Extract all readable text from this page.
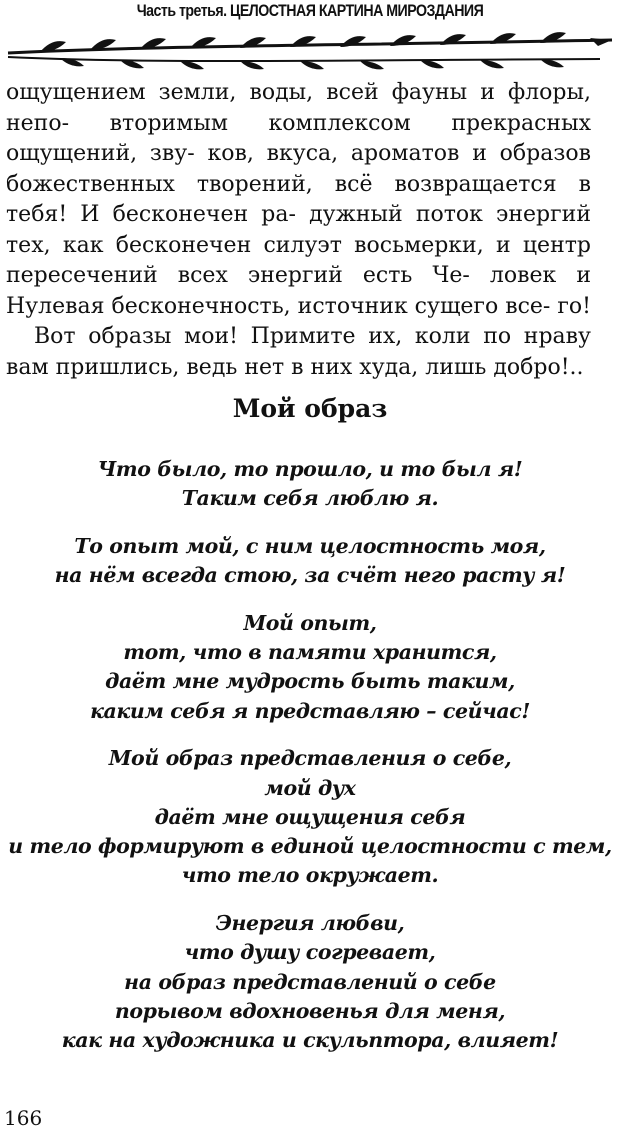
Часть третья. ЦЕЛОСТНАЯ КАРТИНА МИРОЗДАНИЯ

ощущением земли, воды, всей фауны и флоры, непо- вторимым комплексом прекрасных ощущений, зву- ков, вкуса, ароматов и образов божественных творений, всё возвращается в тебя! И бесконечен ра- дужный поток энергий тех, как бесконечен силуэт восьмерки, и центр пересечений всех энергий есть Че- ловек и Нулевая бесконечность, источник сущего все- го!

Вот образы мои! Примите их, коли по нраву вам пришлись, ведь нет в них худа, лишь добро!..

Мой образ
Что было, то прошло, и то был я!
Таким себя люблю я.
То опыт мой, с ним целостность моя,
на нём всегда стою, за счёт него расту я!
Мой опыт,
тот, что в памяти хранится,
даёт мне мудрость быть таким,
каким себя я представляю – сейчас!
Мой образ представления о себе,
мой дух
даёт мне ощущения себя
и тело формируют в единой целостности с тем,
что тело окружает.
Энергия любви,
что душу согревает,
на образ представлений о себе
порывом вдохновенья для меня,
как на художника и скульптора, влияет!
166
